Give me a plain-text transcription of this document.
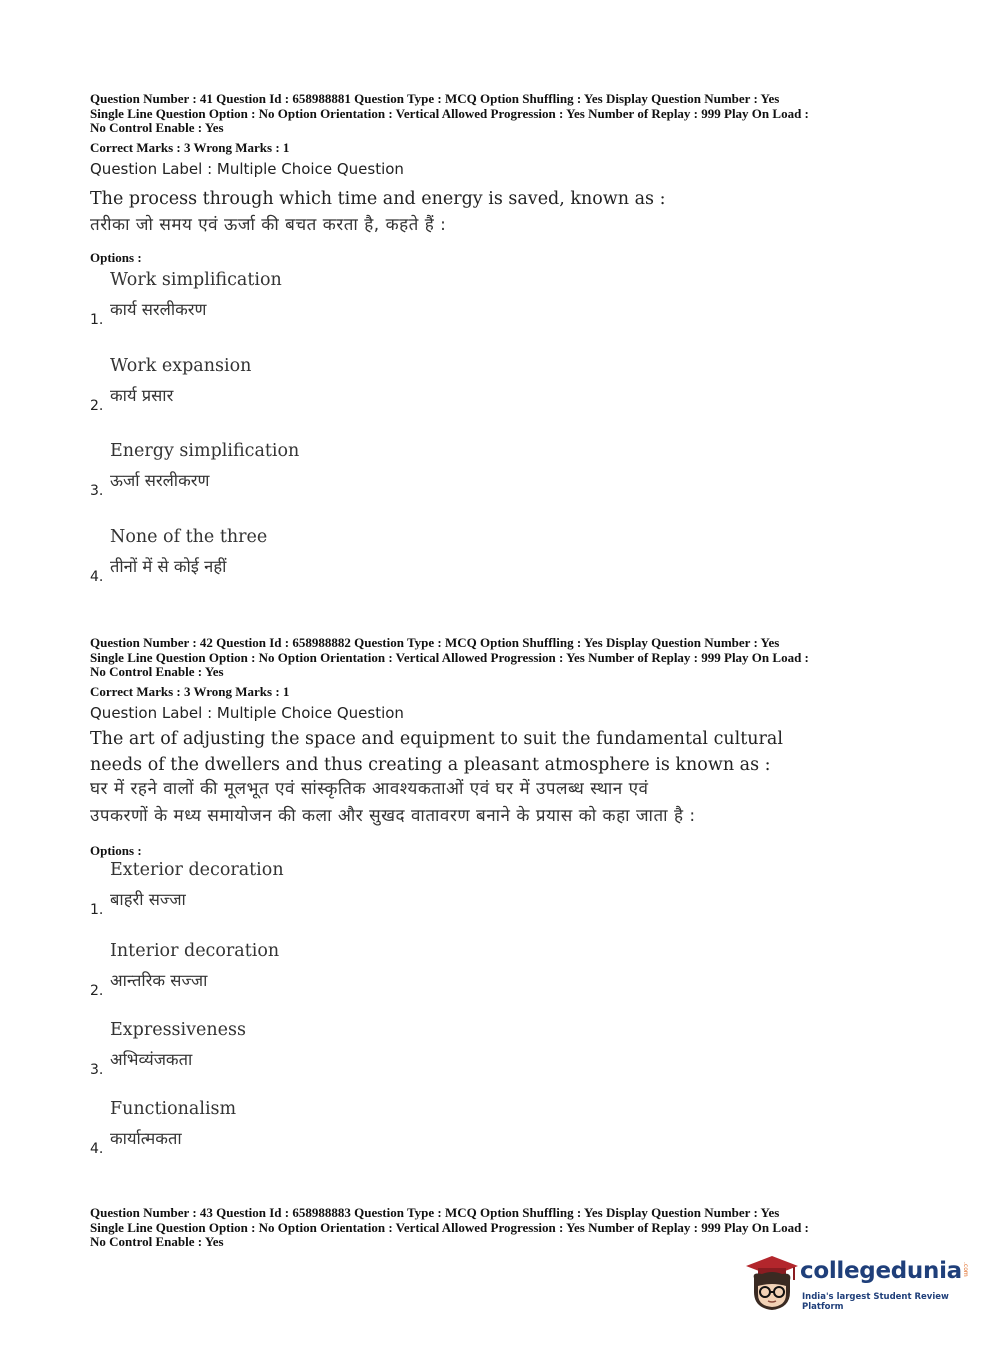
Question Number : 41 Question Id : 658988881 Question Type : MCQ Option Shuffling : Yes Display Question Number : Yes
Single Line Question Option : No Option Orientation : Vertical Allowed Progression : Yes Number of Replay : 999 Play On Load :
No Control Enable : Yes
Correct Marks : 3 Wrong Marks : 1
Question Label : Multiple Choice Question
The process through which time and energy is saved, known as :
तरीका जो समय एवं ऊर्जा की बचत करता है, कहते हैं :
Options :
1.
Work simplification
कार्य सरलीकरण
2.
Work expansion
कार्य प्रसार
3.
Energy simplification
ऊर्जा सरलीकरण
4.
None of the three
तीनों में से कोई नहीं
Question Number : 42 Question Id : 658988882 Question Type : MCQ Option Shuffling : Yes Display Question Number : Yes
Single Line Question Option : No Option Orientation : Vertical Allowed Progression : Yes Number of Replay : 999 Play On Load :
No Control Enable : Yes
Correct Marks : 3 Wrong Marks : 1
Question Label : Multiple Choice Question
The art of adjusting the space and equipment to suit the fundamental cultural
needs of the dwellers and thus creating a pleasant atmosphere is known as :
घर में रहने वालों की मूलभूत एवं सांस्कृतिक आवश्यकताओं एवं घर में उपलब्ध स्थान एवं
उपकरणों के मध्य समायोजन की कला और सुखद वातावरण बनाने के प्रयास को कहा जाता है :
Options :
1.
Exterior decoration
बाहरी सज्जा
2.
Interior decoration
आन्तरिक सज्जा
3.
Expressiveness
अभिव्यंजकता
4.
Functionalism
कार्यात्मकता
Question Number : 43 Question Id : 658988883 Question Type : MCQ Option Shuffling : Yes Display Question Number : Yes
Single Line Question Option : No Option Orientation : Vertical Allowed Progression : Yes Number of Replay : 999 Play On Load :
No Control Enable : Yes
collegedunia .com
India's largest Student Review Platform
